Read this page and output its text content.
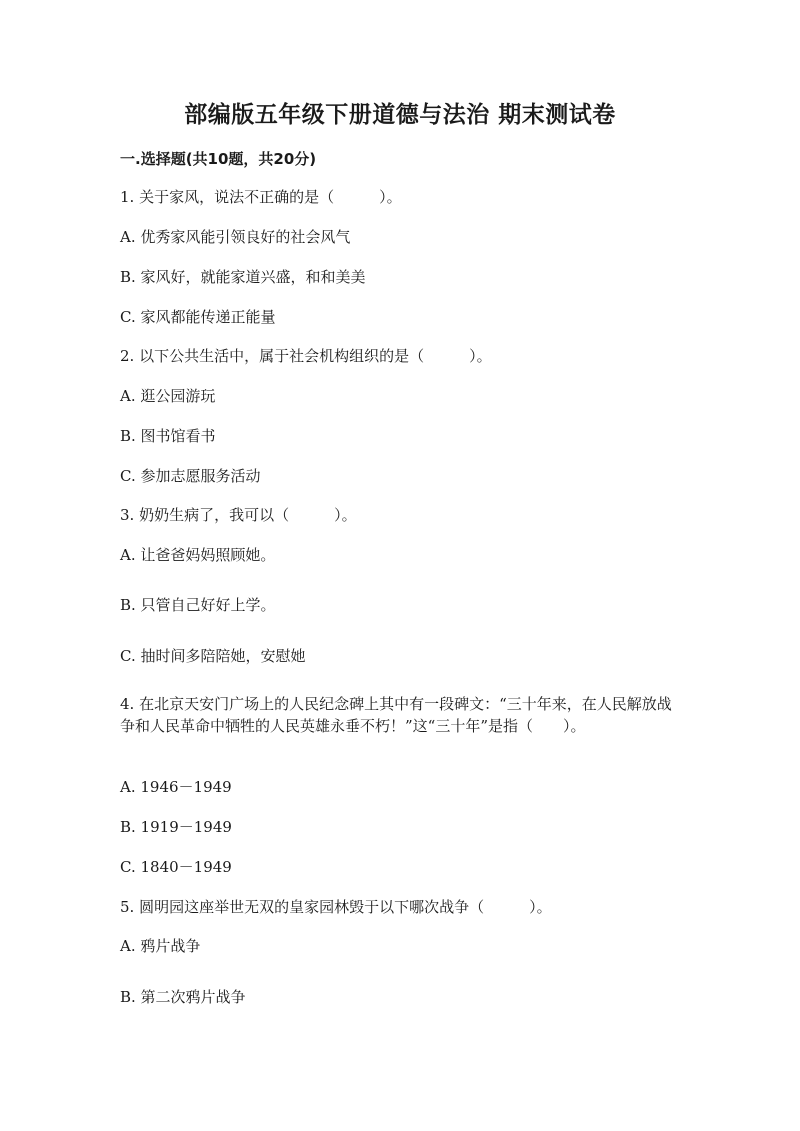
部编版五年级下册道德与法治 期末测试卷
一.选择题(共10题，共20分)
1. 关于家风，说法不正确的是（　　　）。
A. 优秀家风能引领良好的社会风气
B. 家风好，就能家道兴盛，和和美美
C. 家风都能传递正能量
2. 以下公共生活中，属于社会机构组织的是（　　　）。
A. 逛公园游玩
B. 图书馆看书
C. 参加志愿服务活动
3. 奶奶生病了，我可以（　　　）。
A. 让爸爸妈妈照顾她。
B. 只管自己好好上学。
C. 抽时间多陪陪她，安慰她
4. 在北京天安门广场上的人民纪念碑上其中有一段碑文：“三十年来，在人民解放战争和人民革命中牺牲的人民英雄永垂不朽！”这“三十年”是指（　　）。
A. 1946－1949
B. 1919－1949
C. 1840－1949
5. 圆明园这座举世无双的皇家园林毁于以下哪次战争（　　　）。
A. 鸦片战争
B. 第二次鸦片战争
